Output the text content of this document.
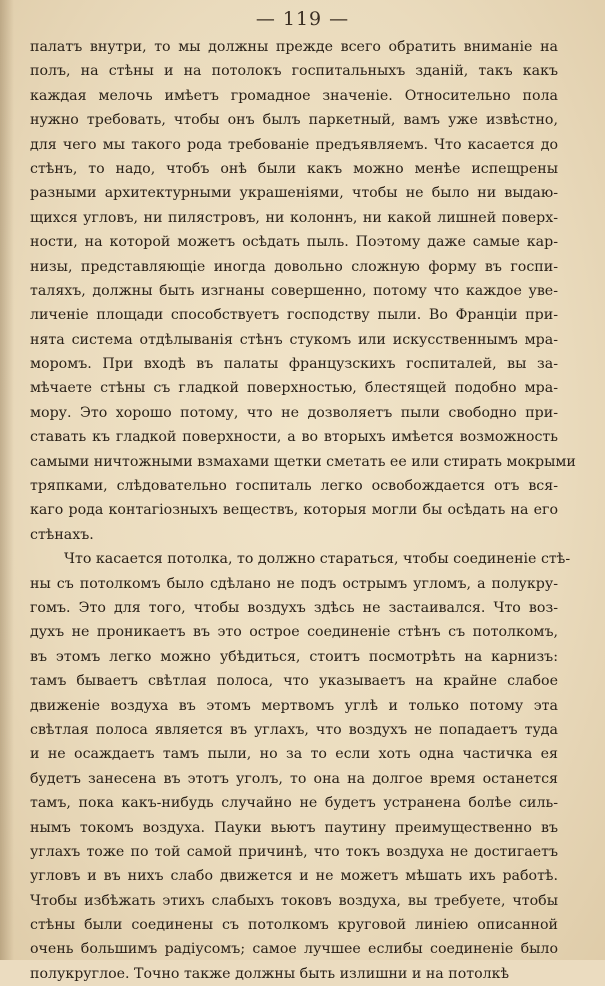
— 119 —
палатъ внутри, то мы должны прежде всего обратить вниманіе на
полъ, на стѣны и на потолокъ госпитальныхъ зданій, такъ какъ
каждая мелочь имѣетъ громадное значеніе. Относительно пола
нужно требовать, чтобы онъ былъ паркетный, вамъ уже извѣстно,
для чего мы такого рода требованіе предъявляемъ. Что касается до
стѣнъ, то надо, чтобъ онѣ были какъ можно менѣе испещрены
разными архитектурными украшеніями, чтобы не было ни выдаю-
щихся угловъ, ни пилястровъ, ни колоннъ, ни какой лишней поверх-
ности, на которой можетъ осѣдать пыль. Поэтому даже самые кар-
низы, представляющіе иногда довольно сложную форму въ госпи-
таляхъ, должны быть изгнаны совершенно, потому что каждое уве-
личеніе площади способствуетъ господству пыли. Во Франціи при-
нята система отдѣлыванія стѣнъ стукомъ или искусственнымъ мра-
моромъ. При входѣ въ палаты французскихъ госпиталей, вы за-
мѣчаете стѣны съ гладкой поверхностью, блестящей подобно мра-
мору. Это хорошо потому, что не дозволяетъ пыли свободно при-
ставать къ гладкой поверхности, а во вторыхъ имѣется возможность
самыми ничтожными взмахами щетки сметать ее или стирать мокрыми
тряпками, слѣдовательно госпиталь легко освобождается отъ вся-
каго рода контагіозныхъ веществъ, которыя могли бы осѣдать на его
стѣнахъ.
Что касается потолка, то должно стараться, чтобы соединеніе стѣ-
ны съ потолкомъ было сдѣлано не подъ острымъ угломъ, а полукру-
гомъ. Это для того, чтобы воздухъ здѣсь не застаивался. Что воз-
духъ не проникаетъ въ это острое соединеніе стѣнъ съ потолкомъ,
въ этомъ легко можно убѣдиться, стоитъ посмотрѣть на карнизъ:
тамъ бываетъ свѣтлая полоса, что указываетъ на крайне слабое
движеніе воздуха въ этомъ мертвомъ углѣ и только потому эта
свѣтлая полоса является въ углахъ, что воздухъ не попадаетъ туда
и не осаждаетъ тамъ пыли, но за то если хоть одна частичка ея
будетъ занесена въ этотъ уголъ, то она на долгое время останется
тамъ, пока какъ-нибудь случайно не будетъ устранена болѣе силь-
нымъ токомъ воздуха. Пауки вьютъ паутину преимущественно въ
углахъ тоже по той самой причинѣ, что токъ воздуха не достигаетъ
угловъ и въ нихъ слабо движется и не можетъ мѣшать ихъ работѣ.
Чтобы избѣжать этихъ слабыхъ токовъ воздуха, вы требуете, чтобы
стѣны были соединены съ потолкомъ круговой линіею описанной
очень большимъ радіусомъ; самое лучшее еслибы соединеніе было
полукруглое. Точно также должны быть излишни и на потолкѣ
